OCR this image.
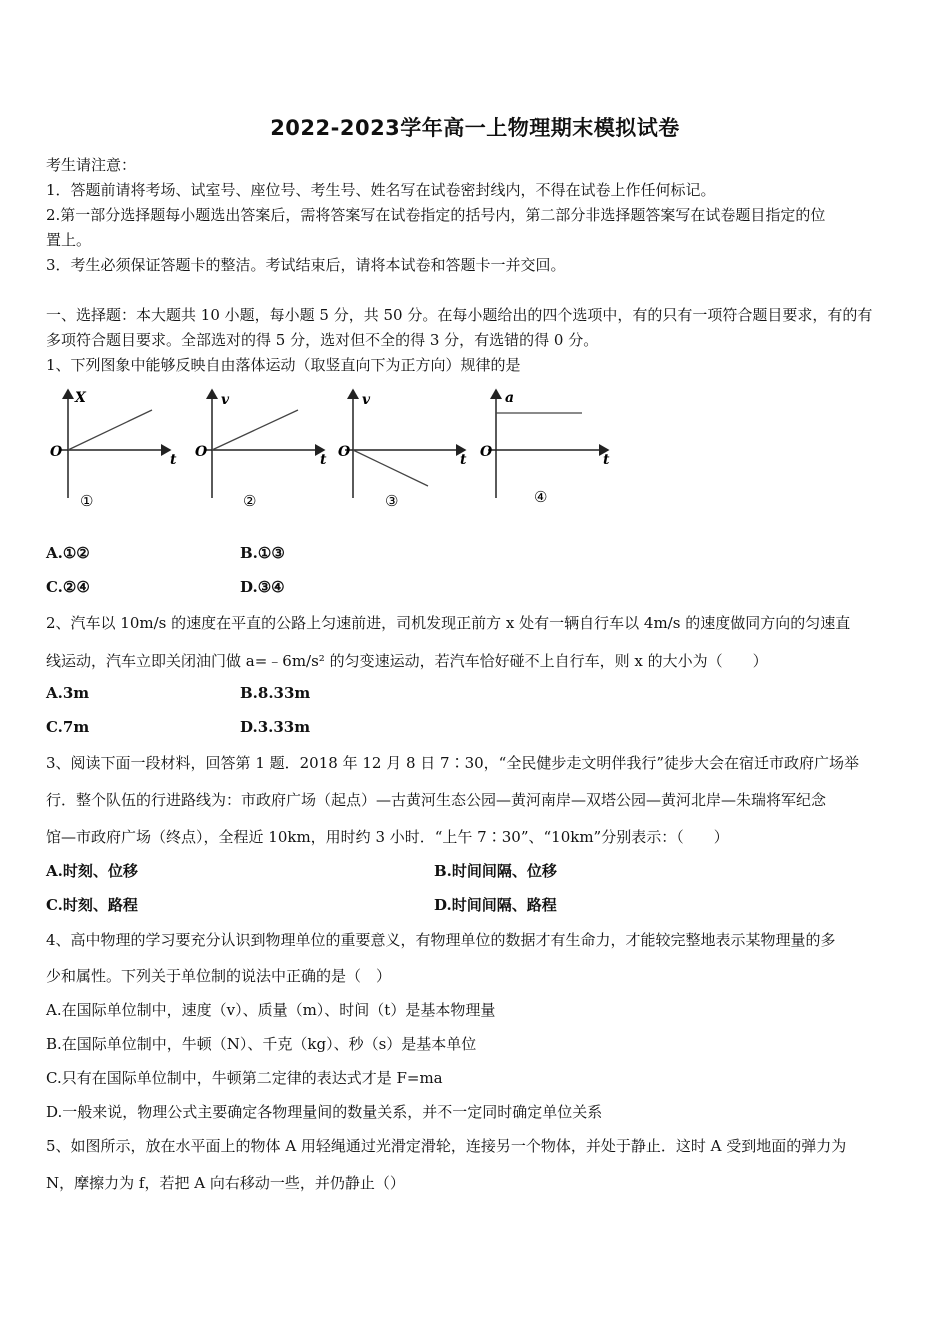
2022-2023学年高一上物理期末模拟试卷
考生请注意：
1．答题前请将考场、试室号、座位号、考生号、姓名写在试卷密封线内，不得在试卷上作任何标记。
2.第一部分选择题每小题选出答案后，需将答案写在试卷指定的括号内，第二部分非选择题答案写在试卷题目指定的位
置上。
3．考生必须保证答题卡的整洁。考试结束后，请将本试卷和答题卡一并交回。
一、选择题：本大题共 10 小题，每小题 5 分，共 50 分。在每小题给出的四个选项中，有的只有一项符合题目要求，有的有
多项符合题目要求。全部选对的得 5 分，选对但不全的得 3 分，有选错的得 0 分。
1、下列图象中能够反映自由落体运动（取竖直向下为正方向）规律的是
X
O	t
①
v
O	t
②
v
O	t
③
a
O	t
④
A.①②	B.①③
C.②④	D.③④
2、汽车以 10m/s 的速度在平直的公路上匀速前进，司机发现正前方 x 处有一辆自行车以 4m/s 的速度做同方向的匀速直
线运动，汽车立即关闭油门做 a=﹣6m/s² 的匀变速运动，若汽车恰好碰不上自行车，则 x 的大小为（　　）
A.3m	B.8.33m
C.7m	D.3.33m
3、阅读下面一段材料，回答第 1 题．2018 年 12 月 8 日 7∶30，“全民健步走文明伴我行”徒步大会在宿迁市政府广场举
行．整个队伍的行进路线为：市政府广场（起点）—古黄河生态公园—黄河南岸—双塔公园—黄河北岸—朱瑞将军纪念
馆—市政府广场（终点），全程近 10km，用时约 3 小时．“上午 7∶30”、“10km”分别表示：（　　）
A.时刻、位移	B.时间间隔、位移
C.时刻、路程	D.时间间隔、路程
4、高中物理的学习要充分认识到物理单位的重要意义，有物理单位的数据才有生命力，才能较完整地表示某物理量的多
少和属性。下列关于单位制的说法中正确的是（　）
A.在国际单位制中，速度（v）、质量（m）、时间（t）是基本物理量
B.在国际单位制中，牛顿（N）、千克（kg）、秒（s）是基本单位
C.只有在国际单位制中，牛顿第二定律的表达式才是 F=ma
D.一般来说，物理公式主要确定各物理量间的数量关系，并不一定同时确定单位关系
5、如图所示，放在水平面上的物体 A 用轻绳通过光滑定滑轮，连接另一个物体，并处于静止．这时 A 受到地面的弹力为
N，摩擦力为 f，若把 A 向右移动一些，并仍静止（）
